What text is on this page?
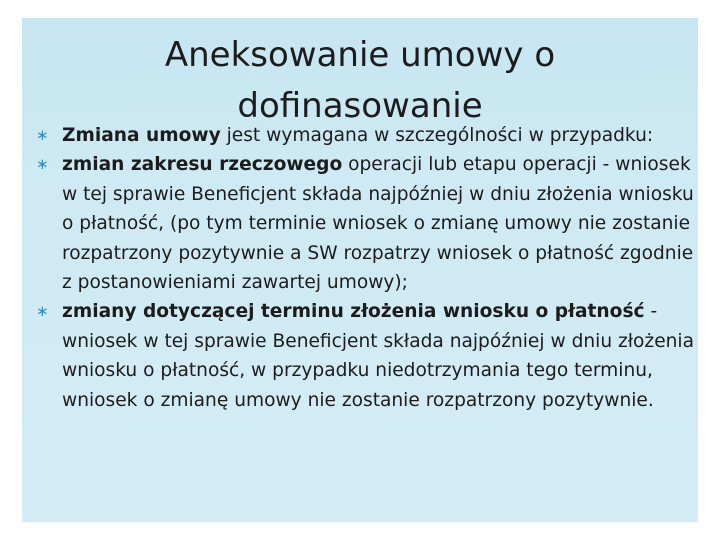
Aneksowanie umowy o dofinasowanie
∗ Zmiana umowy jest wymagana w szczególności w przypadku:
∗ zmian zakresu rzeczowego operacji lub etapu operacji - wniosek w tej sprawie Beneficjent składa najpóźniej w dniu złożenia wniosku o płatność, (po tym terminie wniosek o zmianę umowy nie zostanie rozpatrzony pozytywnie a SW rozpatrzy wniosek o płatność zgodnie z postanowieniami zawartej umowy);
∗ zmiany dotyczącej terminu złożenia wniosku o płatność - wniosek w tej sprawie Beneficjent składa najpóźniej w dniu złożenia wniosku o płatność, w przypadku niedotrzymania tego terminu, wniosek o zmianę umowy nie zostanie rozpatrzony pozytywnie.
